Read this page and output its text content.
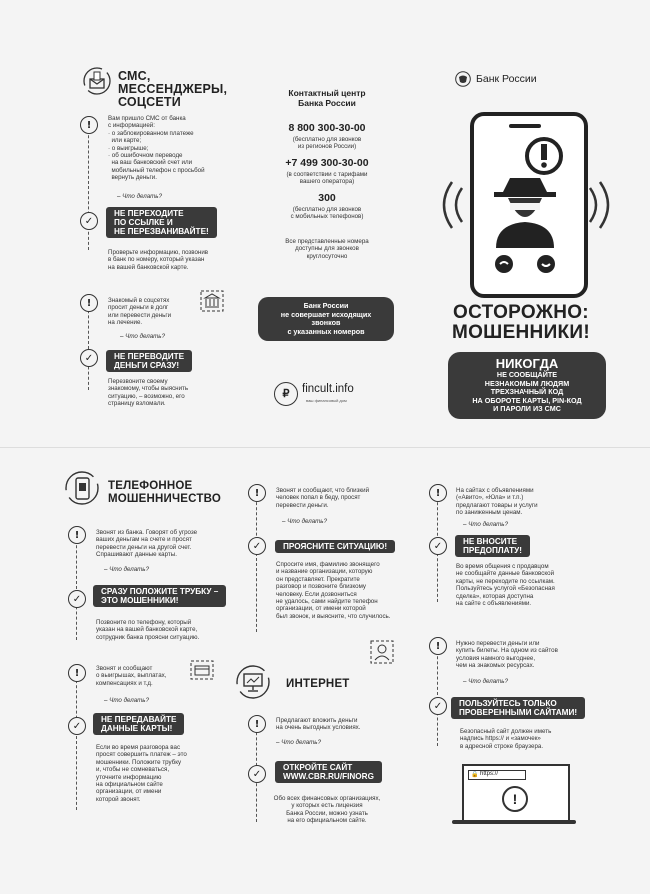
СМС,
МЕССЕНДЖЕРЫ,
СОЦСЕТИ
!
Вам пришло СМС от банка
с информацией:
· о заблокированном платеже
или карте;
· о выигрыше;
· об ошибочном переводе
на ваш банковский счет или
мобильный телефон с просьбой
вернуть деньги.
– Что делать?
✓
НЕ ПЕРЕХОДИТЕ
ПО ССЫЛКЕ И
НЕ ПЕРЕЗВАНИВАЙТЕ!
Проверьте информацию, позвонив
в банк по номеру, который указан
на вашей банковской карте.
!	Знакомый в соцсетях
просит деньги в долг
или перевести деньги
на лечение.
– Что делать?
✓	НЕ ПЕРЕВОДИТЕ
ДЕНЬГИ СРАЗУ!
Перезвоните своему
знакомому, чтобы выяснить
ситуацию, – возможно, его
страницу взломали.
Контактный центр
Банка России
8 800 300-30-00
(бесплатно для звонков
из регионов России)
+7 499 300-30-00
(в соответствии с тарифами
вашего оператора)
300
(бесплатно для звонков
с мобильных телефонов)
Все представленные номера
доступны для звонков
круглосуточно
Банк России
не совершает исходящих
звонков
с указанных номеров
₽	fincult.info
ваш финансовый дом
Банк России
ОСТОРОЖНО:
МОШЕННИКИ!
НИКОГДА
НЕ СООБЩАЙТЕ
НЕЗНАКОМЫМ ЛЮДЯМ
ТРЕХЗНАЧНЫЙ КОД
НА ОБОРОТЕ КАРТЫ, PIN-КОД
И ПАРОЛИ ИЗ СМС
ТЕЛЕФОННОЕ
МОШЕННИЧЕСТВО
!	Звонят из банка. Говорят об угрозе
ваших деньгам на счете и просят
перевести деньги на другой счет.
Спрашивают данные карты.
– Что делать?
✓
СРАЗУ ПОЛОЖИТЕ ТРУБКУ –
ЭТО МОШЕННИКИ!
Позвоните по телефону, который
указан на вашей банковской карте,
сотрудник банка проясни ситуацию.
!	Звонят и сообщают
о выигрышах, выплатах,
компенсациях и т.д.
– Что делать?
✓
НЕ ПЕРЕДАВАЙТЕ
ДАННЫЕ КАРТЫ!
Если во время разговора вас
просят совершить платеж – это
мошенники. Положите трубку
и, чтобы не сомневаться,
уточните информацию
на официальном сайте
организации, от имени
которой звонят.
!	Звонят и сообщают, что близкий
человек попал в беду, просят
перевести деньги.
– Что делать?
✓	ПРОЯСНИТЕ СИТУАЦИЮ!
Спросите имя, фамилию звонящего
и название организации, которую
он представляет. Прекратите
разговор и позвоните близкому
человеку. Если дозвониться
не удалось, сами найдите телефон
организации, от имени которой
был звонок, и выясните, что случилось.
ИНТЕРНЕТ
!	Предлагают вложить деньги
на очень выгодных условиях.
– Что делать?
✓
ОТКРОЙТЕ САЙТ
WWW.CBR.RU/FINORG
Обо всех финансовых организациях,
у которых есть лицензия
Банка России, можно узнать
на его официальном сайте.
!	На сайтах с объявлениями
(«Авито», «Юла» и т.п.)
предлагают товары и услуги
по заниженным ценам.
– Что делать?
✓	НЕ ВНОСИТЕ
ПРЕДОПЛАТУ!
Во время общения с продавцом
не сообщайте данные банковской
карты, не переходите по ссылкам.
Пользуйтесь услугой «Безопасная
сделка», которая доступна
на сайте с объявлениями.
!	Нужно перевести деньги или
купить билеты. На одном из сайтов
условия намного выгоднее,
чем на знакомых ресурсах.
– Что делать?
✓	ПОЛЬЗУЙТЕСЬ ТОЛЬКО
ПРОВЕРЕННЫМИ САЙТАМИ!
Безопасный сайт должен иметь
надпись https:// и «замочек»
в адресной строке браузера.
🔒 https://
!
